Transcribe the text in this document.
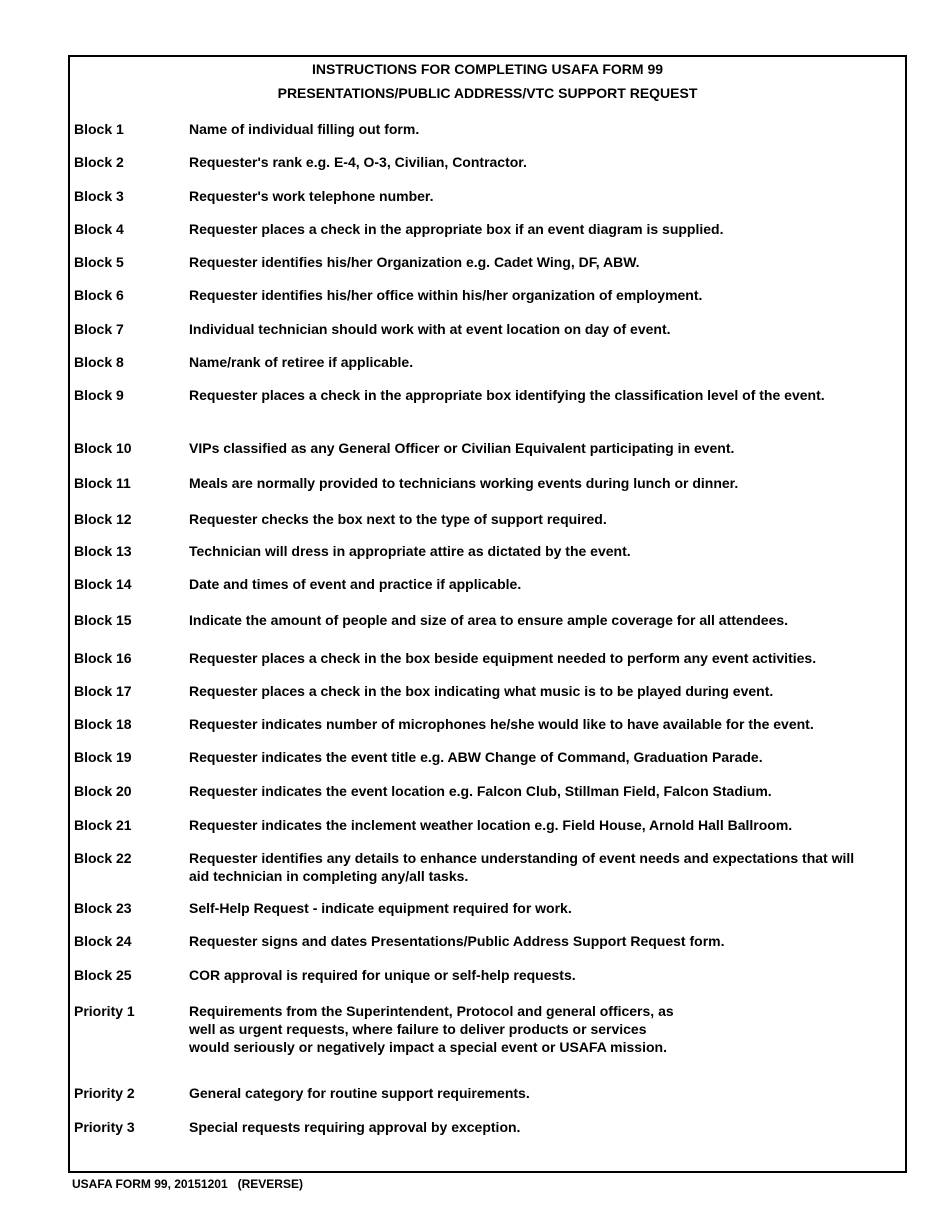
INSTRUCTIONS FOR COMPLETING USAFA FORM 99
PRESENTATIONS/PUBLIC ADDRESS/VTC SUPPORT REQUEST
Block 1	Name of individual filling out form.
Block 2	Requester's rank e.g. E-4, O-3, Civilian, Contractor.
Block 3	Requester's work telephone number.
Block 4	Requester places a check in the appropriate box if an event diagram is supplied.
Block 5	Requester identifies his/her Organization e.g. Cadet Wing, DF, ABW.
Block 6	Requester identifies his/her office within his/her organization of employment.
Block 7	Individual technician should work with at event location on day of event.
Block 8	Name/rank of retiree if applicable.
Block 9	Requester places a check in the appropriate box identifying the classification level of the event.
Block 10	VIPs classified as any General Officer or Civilian Equivalent participating in event.
Block 11	Meals are normally provided to technicians working events during lunch or dinner.
Block 12	Requester checks the box next to the type of support required.
Block 13	Technician will dress in appropriate attire as dictated by the event.
Block 14	Date and times of event and practice if applicable.
Block 15	Indicate the amount of people and size of area to ensure ample coverage for all attendees.
Block 16	Requester places a check in the box beside equipment needed to perform any event activities.
Block 17	Requester places a check in the box indicating what music is to be played during event.
Block 18	Requester indicates number of microphones he/she would like to have available for the event.
Block 19	Requester indicates the event title e.g. ABW Change of Command, Graduation Parade.
Block 20	Requester indicates the event location e.g. Falcon Club, Stillman Field, Falcon Stadium.
Block 21	Requester indicates the inclement weather location e.g. Field House, Arnold Hall Ballroom.
Block 22	Requester identifies any details to enhance understanding of event needs and expectations that will aid technician in completing any/all tasks.
Block 23	Self-Help Request - indicate equipment required for work.
Block 24	Requester signs and dates Presentations/Public Address Support Request form.
Block 25	COR approval is required for unique or self-help requests.
Priority 1	Requirements from the Superintendent, Protocol and general officers, as well as urgent requests, where failure to deliver products or services would seriously or negatively impact a special event or USAFA mission.
Priority 2	General category for routine support requirements.
Priority 3	Special requests requiring approval by exception.
USAFA FORM 99, 20151201   (REVERSE)
